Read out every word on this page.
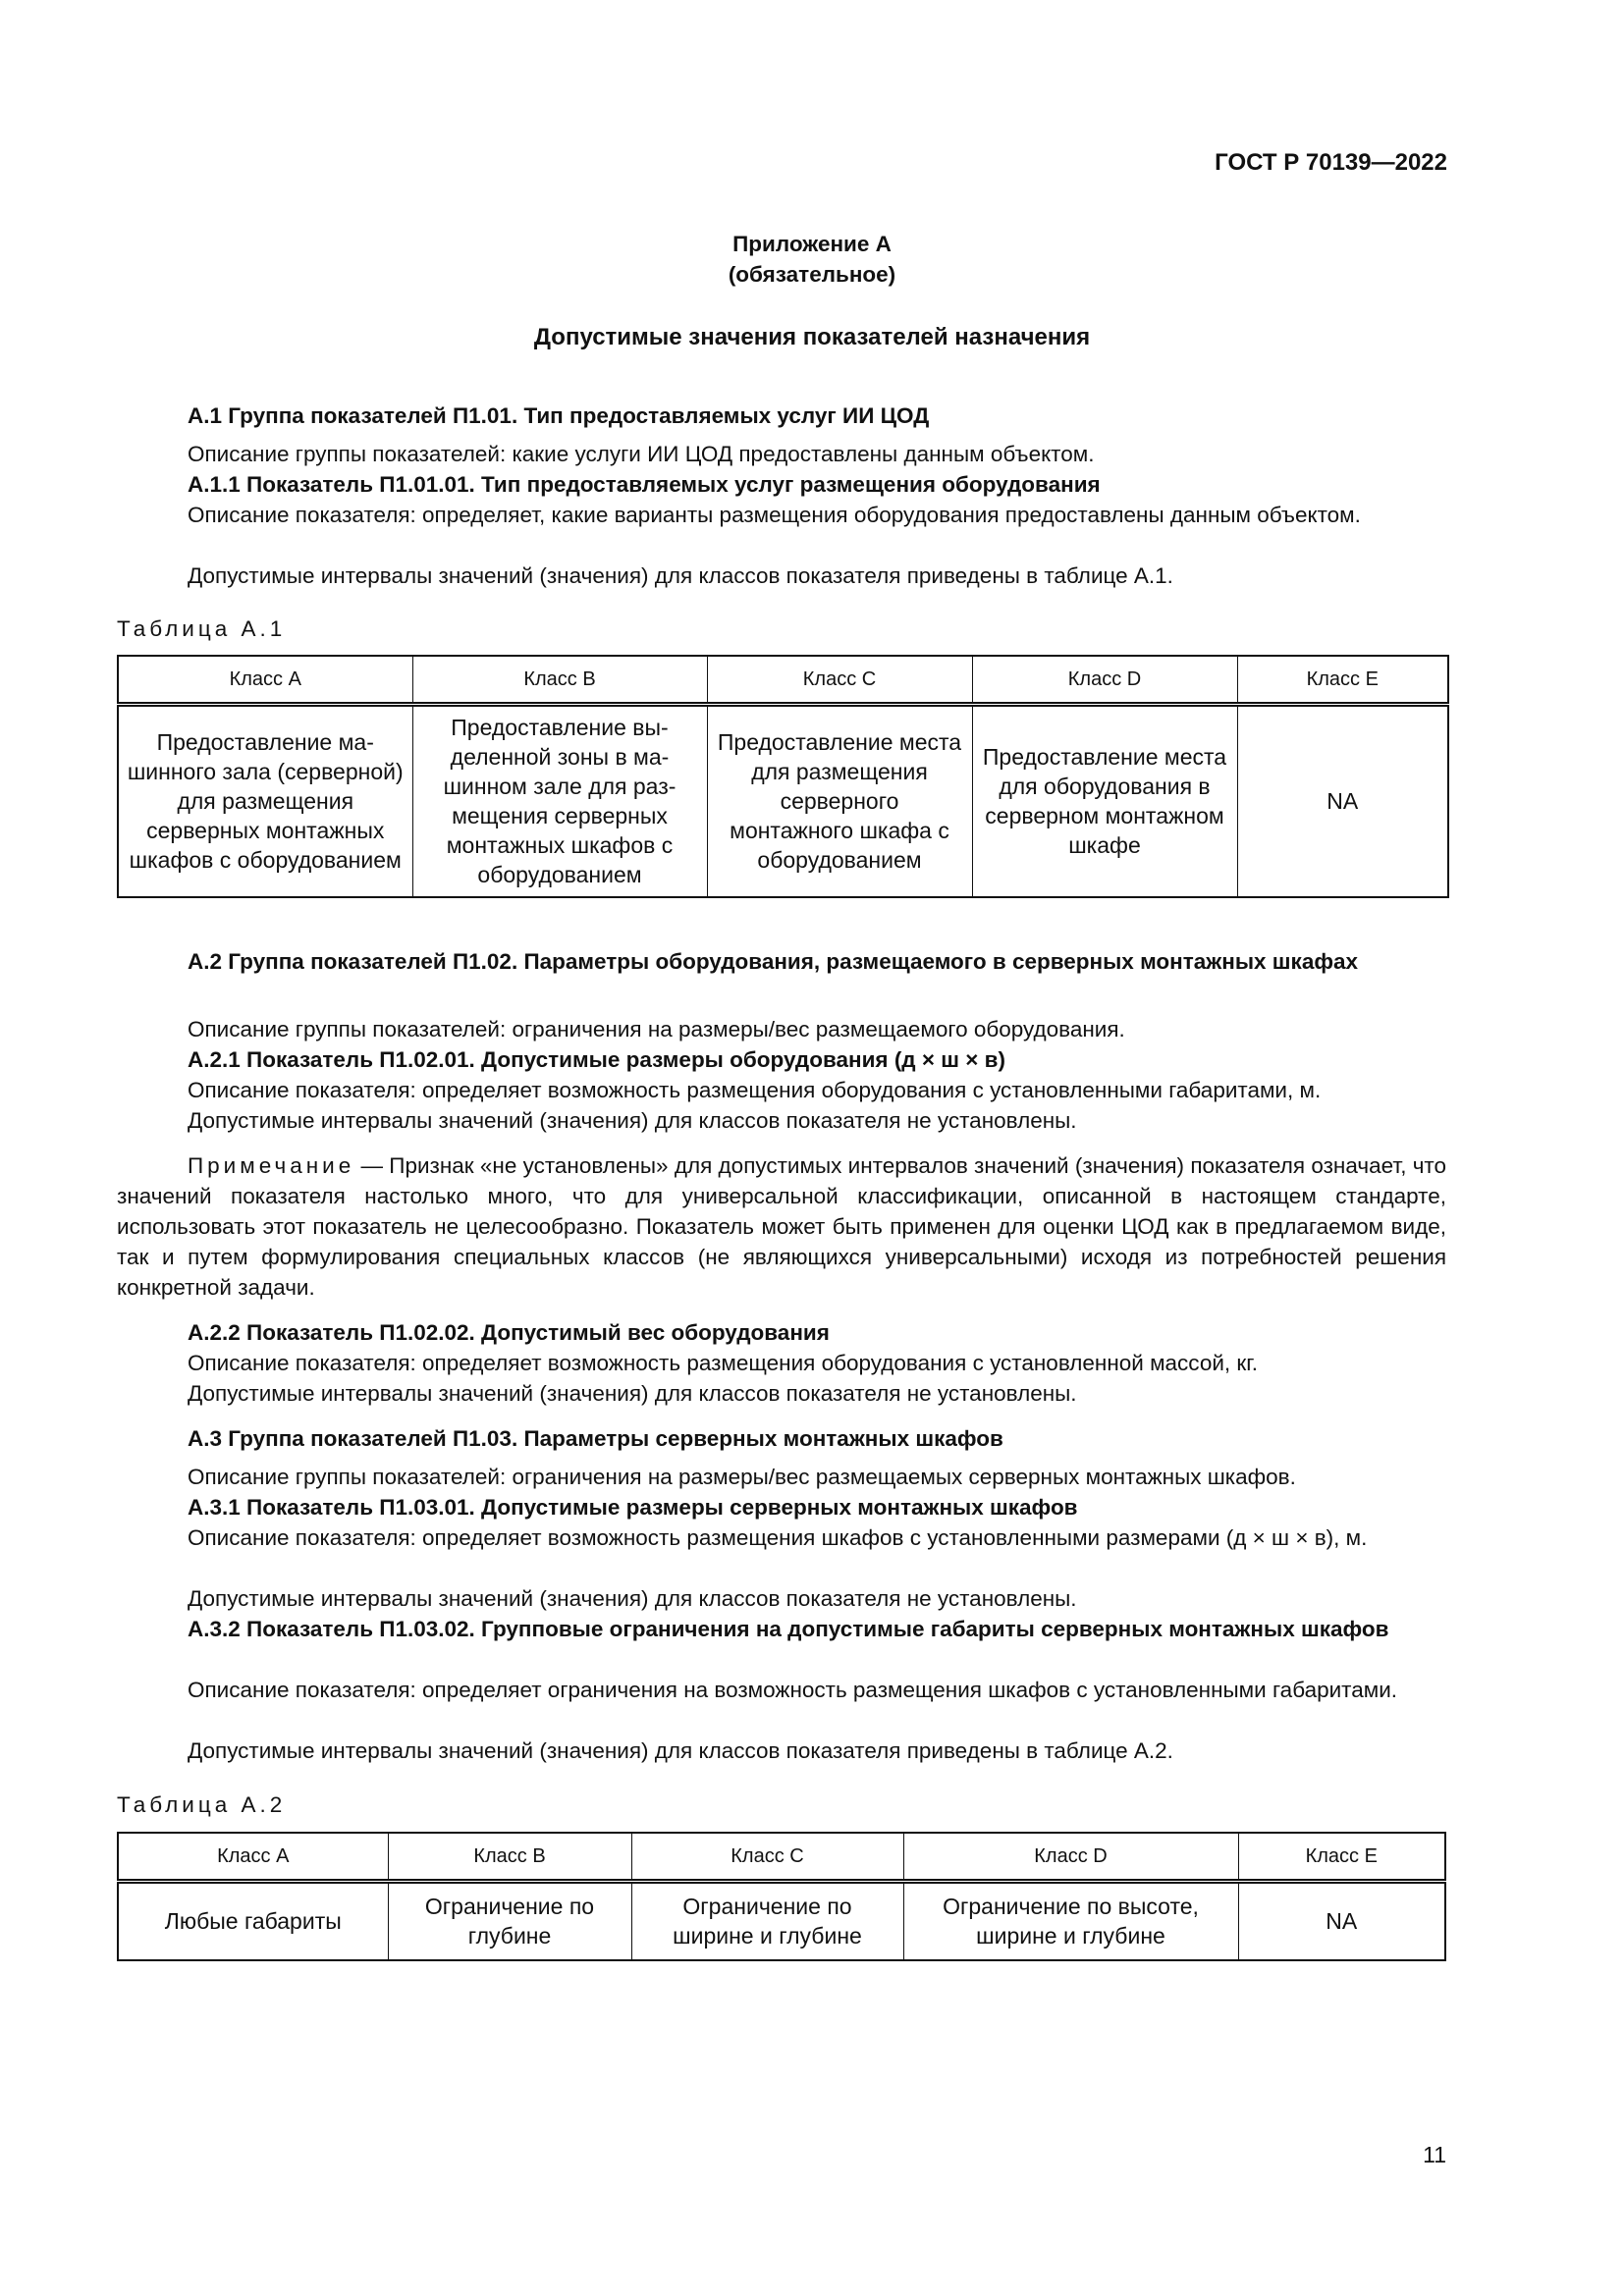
ГОСТ Р 70139—2022
Приложение А
(обязательное)
Допустимые значения показателей назначения

А.1 Группа показателей П1.01. Тип предоставляемых услуг ИИ ЦОД

Описание группы показателей: какие услуги ИИ ЦОД предоставлены данным объектом.

А.1.1 Показатель П1.01.01. Тип предоставляемых услуг размещения оборудования

Описание показателя: определяет, какие варианты размещения оборудования предоставлены данным объектом.

Допустимые интервалы значений (значения) для классов показателя приведены в таблице А.1.

Таблица А.1

Класс А	Класс В	Класс С	Класс D	Класс Е
Предоставление машинного зала (серверной) для размещения серверных монтажных шкафов с оборудованием	Предоставление выделенной зоны в машинном зале для размещения серверных монтажных шкафов с оборудованием	Предоставление места для размещения серверного монтажного шкафа с оборудованием	Предоставление места для оборудования в серверном монтажном шкафе	NA

А.2 Группа показателей П1.02. Параметры оборудования, размещаемого в серверных монтажных шкафах

Описание группы показателей: ограничения на размеры/вес размещаемого оборудования.

А.2.1 Показатель П1.02.01. Допустимые размеры оборудования (д × ш × в)

Описание показателя: определяет возможность размещения оборудования с установленными габаритами, м.

Допустимые интервалы значений (значения) для классов показателя не установлены.

Примечание — Признак «не установлены» для допустимых интервалов значений (значения) показателя означает, что значений показателя настолько много, что для универсальной классификации, описанной в настоящем стандарте, использовать этот показатель не целесообразно. Показатель может быть применен для оценки ЦОД как в предлагаемом виде, так и путем формулирования специальных классов (не являющихся универсальными) исходя из потребностей решения конкретной задачи.

А.2.2 Показатель П1.02.02. Допустимый вес оборудования

Описание показателя: определяет возможность размещения оборудования с установленной массой, кг.

Допустимые интервалы значений (значения) для классов показателя не установлены.

А.3 Группа показателей П1.03. Параметры серверных монтажных шкафов

Описание группы показателей: ограничения на размеры/вес размещаемых серверных монтажных шкафов.

А.3.1 Показатель П1.03.01. Допустимые размеры серверных монтажных шкафов

Описание показателя: определяет возможность размещения шкафов с установленными размерами (д × ш × в), м.

Допустимые интервалы значений (значения) для классов показателя не установлены.

А.3.2 Показатель П1.03.02. Групповые ограничения на допустимые габариты серверных монтажных шкафов

Описание показателя: определяет ограничения на возможность размещения шкафов с установленными габаритами.

Допустимые интервалы значений (значения) для классов показателя приведены в таблице А.2.

Таблица А.2

Класс А	Класс В	Класс С	Класс D	Класс Е
Любые габариты	Ограничение по глубине	Ограничение по ширине и глубине	Ограничение по высоте, ширине и глубине	NA
11
